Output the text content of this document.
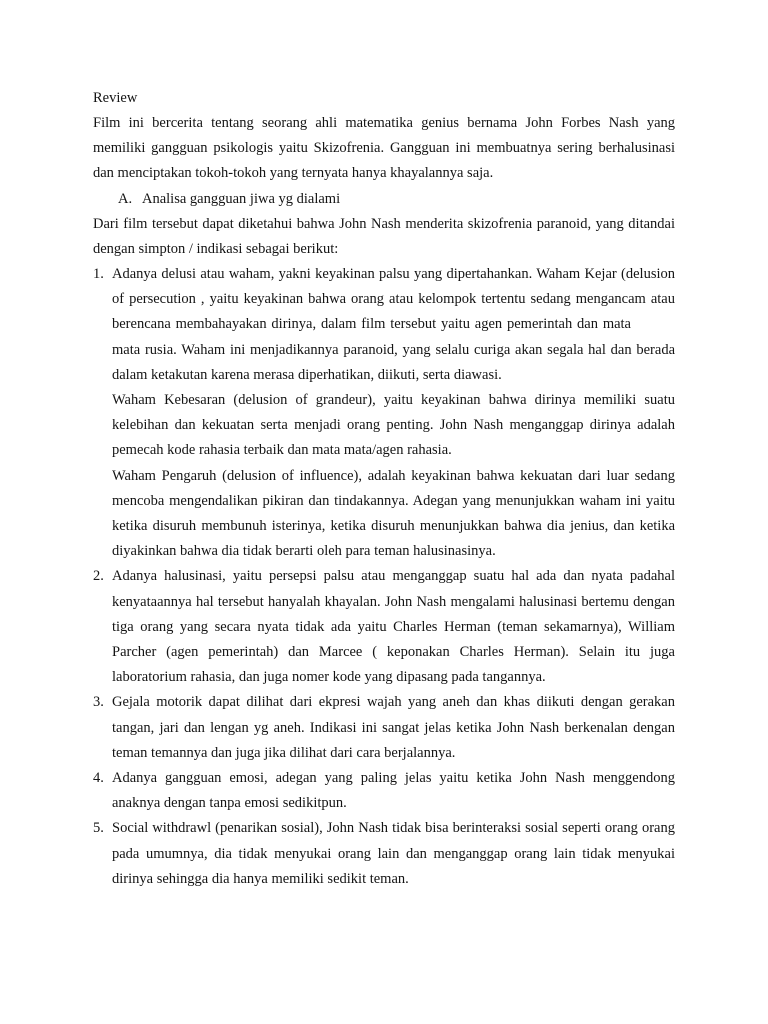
Review

Film ini bercerita tentang seorang ahli matematika genius bernama John Forbes Nash yang memiliki gangguan psikologis yaitu Skizofrenia. Gangguan ini membuatnya sering berhalusinasi dan menciptakan tokoh-tokoh yang ternyata hanya khayalannya saja.

A. Analisa gangguan jiwa yg dialami

Dari film tersebut dapat diketahui bahwa John Nash menderita skizofrenia paranoid, yang ditandai dengan simpton / indikasi sebagai berikut:

1. Adanya delusi atau waham, yakni keyakinan palsu yang dipertahankan. Waham Kejar (delusion of persecution , yaitu keyakinan bahwa orang atau kelompok tertentu sedang mengancam atau berencana membahayakan dirinya, dalam film tersebut yaitu agen pemerintah dan matamata rusia. Waham ini menjadikannya paranoid, yang selalu curiga akan segala hal dan berada dalam ketakutan karena merasa diperhatikan, diikuti, serta diawasi.

Waham Kebesaran (delusion of grandeur), yaitu keyakinan bahwa dirinya memiliki suatu kelebihan dan kekuatan serta menjadi orang penting. John Nash menganggap dirinya adalah pemecah kode rahasia terbaik dan mata mata/agen rahasia.

Waham Pengaruh (delusion of influence), adalah keyakinan bahwa kekuatan dari luar sedang mencoba mengendalikan pikiran dan tindakannya. Adegan yang menunjukkan waham ini yaitu ketika disuruh membunuh isterinya, ketika disuruh menunjukkan bahwa dia jenius, dan ketika diyakinkan bahwa dia tidak berarti oleh para teman halusinasinya.

2. Adanya halusinasi, yaitu persepsi palsu atau menganggap suatu hal ada dan nyata padahal kenyataannya hal tersebut hanyalah khayalan. John Nash mengalami halusinasi bertemu dengan tiga orang yang secara nyata tidak ada yaitu Charles Herman (teman sekamarnya), William Parcher (agen pemerintah) dan Marcee ( keponakan Charles Herman). Selain itu juga laboratorium rahasia, dan juga nomer kode yang dipasang pada tangannya.

3. Gejala motorik dapat dilihat dari ekpresi wajah yang aneh dan khas diikuti dengan gerakan tangan, jari dan lengan yg aneh. Indikasi ini sangat jelas ketika John Nash berkenalan dengan teman temannya dan juga jika dilihat dari cara berjalannya.

4. Adanya gangguan emosi, adegan yang paling jelas yaitu ketika John Nash menggendong anaknya dengan tanpa emosi sedikitpun.

5. Social withdrawl (penarikan sosial), John Nash tidak bisa berinteraksi sosial seperti orang orang pada umumnya, dia tidak menyukai orang lain dan menganggap orang lain tidak menyukai dirinya sehingga dia hanya memiliki sedikit teman.
